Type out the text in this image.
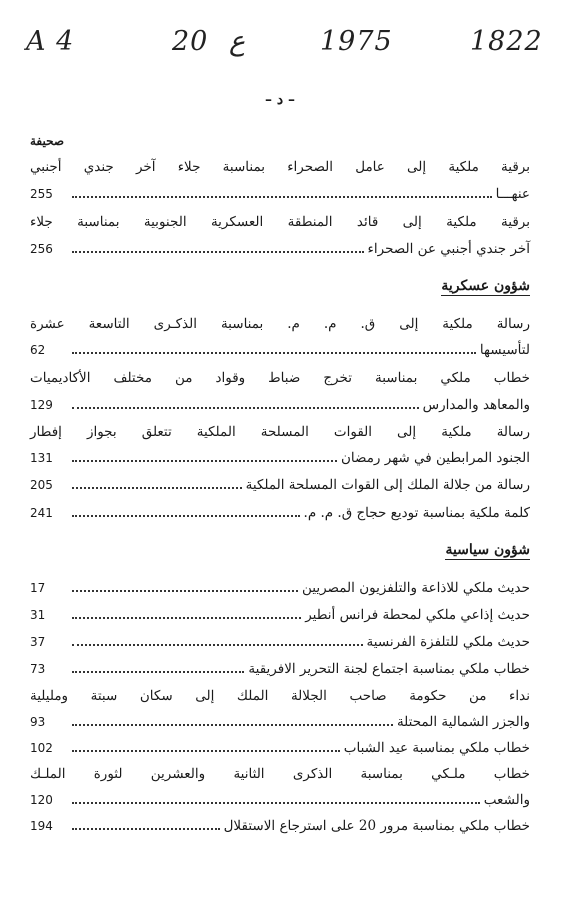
A 4	20 ع	1975	1822
– د –
صحيفة
برقية ملكية إلى عامل الصحراء بمناسبة جلاء آخر جندي أجنبي
255	عنهـــا
برقية ملكية إلى قائد المنطقة العسكرية الجنوبية بمناسبة جلاء
256	آخر جندي أجنبي عن الصحراء
شؤون عسكرية
رسالة ملكية إلى ق. م. م. بمناسبة الذكـرى التاسعة عشرة
62	لتأسيسها
خطاب ملكي بمناسبة تخرج ضباط وقواد من مختلف الأكاديميات
129	والمعاهد والمدارس
رسالة ملكية إلى القوات المسلحة الملكية تتعلق بجواز إفطار
131	الجنود المرابطين في شهر رمضان
205	رسالة من جلالة الملك إلى القوات المسلحة الملكية
241	كلمة ملكية بمناسبة توديع حجاج ق. م. م.
شؤون سياسية
17	حديث ملكي للاذاعة والتلفزيون المصريين
31	حديث إذاعي ملكي لمحطة فرانس أنطير
37	حديث ملكي للتلفزة الفرنسية
73	خطاب ملكي بمناسبة اجتماع لجنة التحرير الافريقية
نداء من حكومة صاحب الجلالة الملك إلى سكان سبتة ومليلية
93	والجزر الشمالية المحتلة
102	خطاب ملكي بمناسبة عيد الشباب
خطاب ملـكي بمناسبة الذكرى الثانية والعشرين لثورة الملـك
120	والشعب
194	خطاب ملكي بمناسبة مرور 20 على استرجاع الاستقلال
